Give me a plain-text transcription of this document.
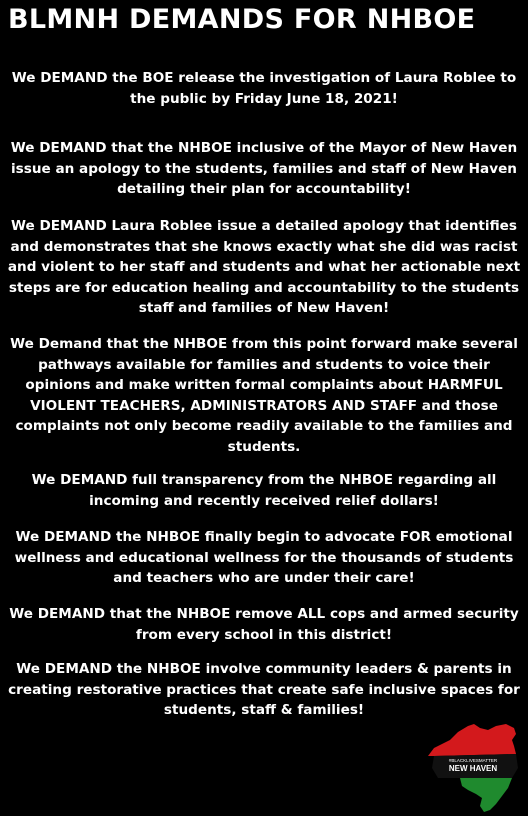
BLMNH DEMANDS FOR NHBOE
We DEMAND the BOE release the investigation of Laura Roblee to the public by Friday June 18, 2021!
We DEMAND that the NHBOE inclusive of the Mayor of New Haven issue an apology to the students, families and staff of New Haven detailing their plan for accountability!
We DEMAND Laura Roblee issue a detailed apology that identifies and demonstrates that she knows exactly what she did was racist and violent to her staff and students and what her actionable next steps are for education healing and accountability to the students staff and families of New Haven!
We Demand that the NHBOE from this point forward make several pathways available for families and students to voice their opinions and make written formal complaints about HARMFUL VIOLENT TEACHERS, ADMINISTRATORS AND STAFF and those complaints not only become readily available to the families and students.
We DEMAND full transparency from the NHBOE regarding all incoming and recently received relief dollars!
We DEMAND the NHBOE finally begin to advocate FOR emotional wellness and educational wellness for the thousands of students and teachers who are under their care!
We DEMAND that the NHBOE remove ALL cops and armed security from every school in this district!
We DEMAND the NHBOE involve community leaders & parents in creating restorative practices that create safe inclusive spaces for students, staff & families!
#BLACKLIVESMATTER
NEW HAVEN
